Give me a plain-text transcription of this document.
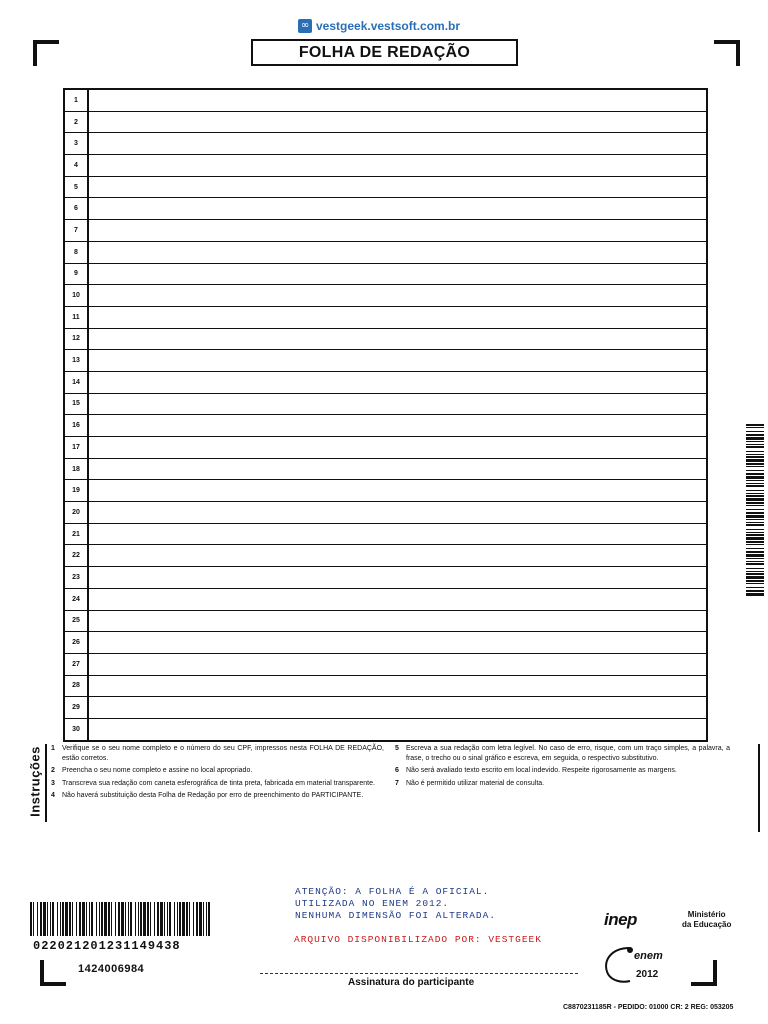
∞ vestgeek.vestsoft.com.br
FOLHA DE REDAÇÃO
1
2
3
4
5
6
7
8
9
10
11
12
13
14
15
16
17
18
19
20
21
22
23
24
25
26
27
28
29
30
Instruções 1	Verifique se o seu nome completo e o número do seu CPF, impressos nesta FOLHA DE REDAÇÃO, estão corretos.
2	Preencha o seu nome completo e assine no local apropriado.
3	Transcreva sua redação com caneta esferográfica de tinta preta, fabricada em material transparente.
4	Não haverá substituição desta Folha de Redação por erro de preenchimento do PARTICIPANTE.
5	Escreva a sua redação com letra legível. No caso de erro, risque, com um traço simples, a palavra, a frase, o trecho ou o sinal gráfico e escreva, em seguida, o respectivo substitutivo.
6	Não será avaliado texto escrito em local indevido. Respeite rigorosamente as margens.
7	Não é permitido utilizar material de consulta.
022021201231149438
1424006984
ATENÇÃO: A FOLHA É A OFICIAL.
UTILIZADA NO ENEM 2012.
NENHUMA DIMENSÃO FOI ALTERADA.
ARQUIVO DISPONIBILIZADO POR: VESTGEEK
inep	Ministério
da Educação
enem
2012
Assinatura do participante
C8870231185R - PEDIDO: 01000 CR: 2 REG: 053205
